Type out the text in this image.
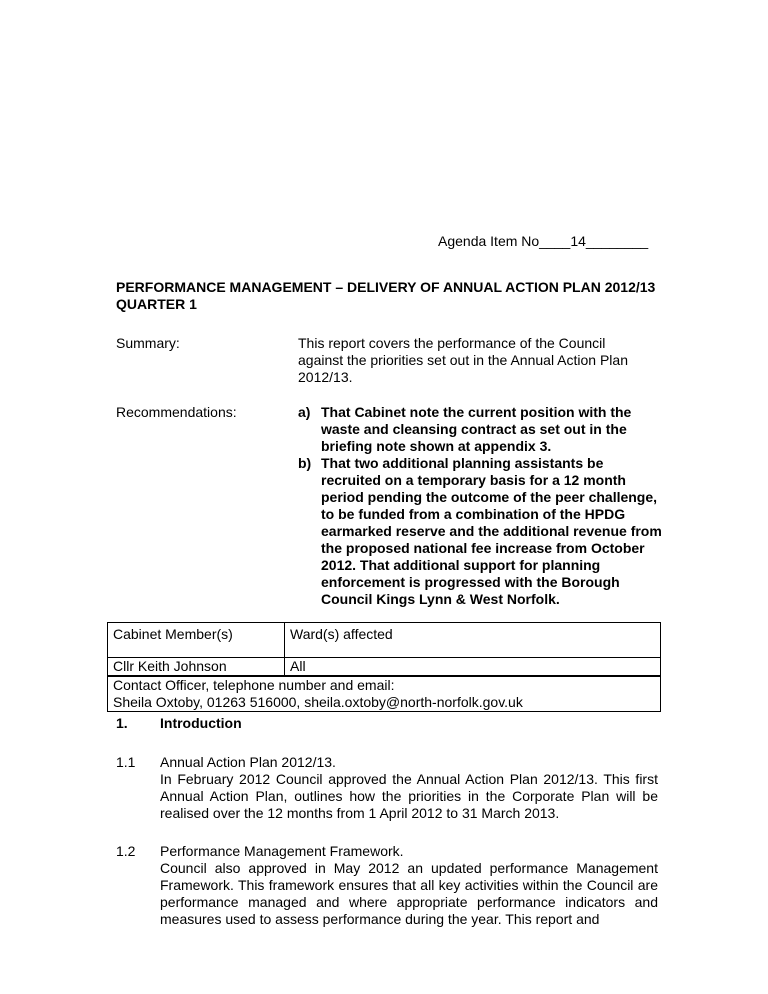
Agenda Item No____14________
PERFORMANCE MANAGEMENT – DELIVERY OF ANNUAL ACTION PLAN 2012/13 QUARTER 1
Summary:	This report covers the performance of the Council against the priorities set out in the Annual Action Plan 2012/13.
Recommendations:	a) That Cabinet note the current position with the waste and cleansing contract as set out in the briefing note shown at appendix 3.
b) That two additional planning assistants be recruited on a temporary basis for a 12 month period pending the outcome of the peer challenge, to be funded from a combination of the HPDG earmarked reserve and the additional revenue from the proposed national fee increase from October 2012. That additional support for planning enforcement is progressed with the Borough Council Kings Lynn & West Norfolk.
Cabinet Member(s)	Ward(s) affected
Cllr Keith Johnson	All

Contact Officer, telephone number and email:
Sheila Oxtoby, 01263 516000, sheila.oxtoby@north-norfolk.gov.uk	
1. Introduction
1.1 Annual Action Plan 2012/13.
In February 2012 Council approved the Annual Action Plan 2012/13. This first Annual Action Plan, outlines how the priorities in the Corporate Plan will be realised over the 12 months from 1 April 2012 to 31 March 2013.
1.2 Performance Management Framework.
Council also approved in May 2012 an updated performance Management Framework. This framework ensures that all key activities within the Council are performance managed and where appropriate performance indicators and measures used to assess performance during the year. This report and
